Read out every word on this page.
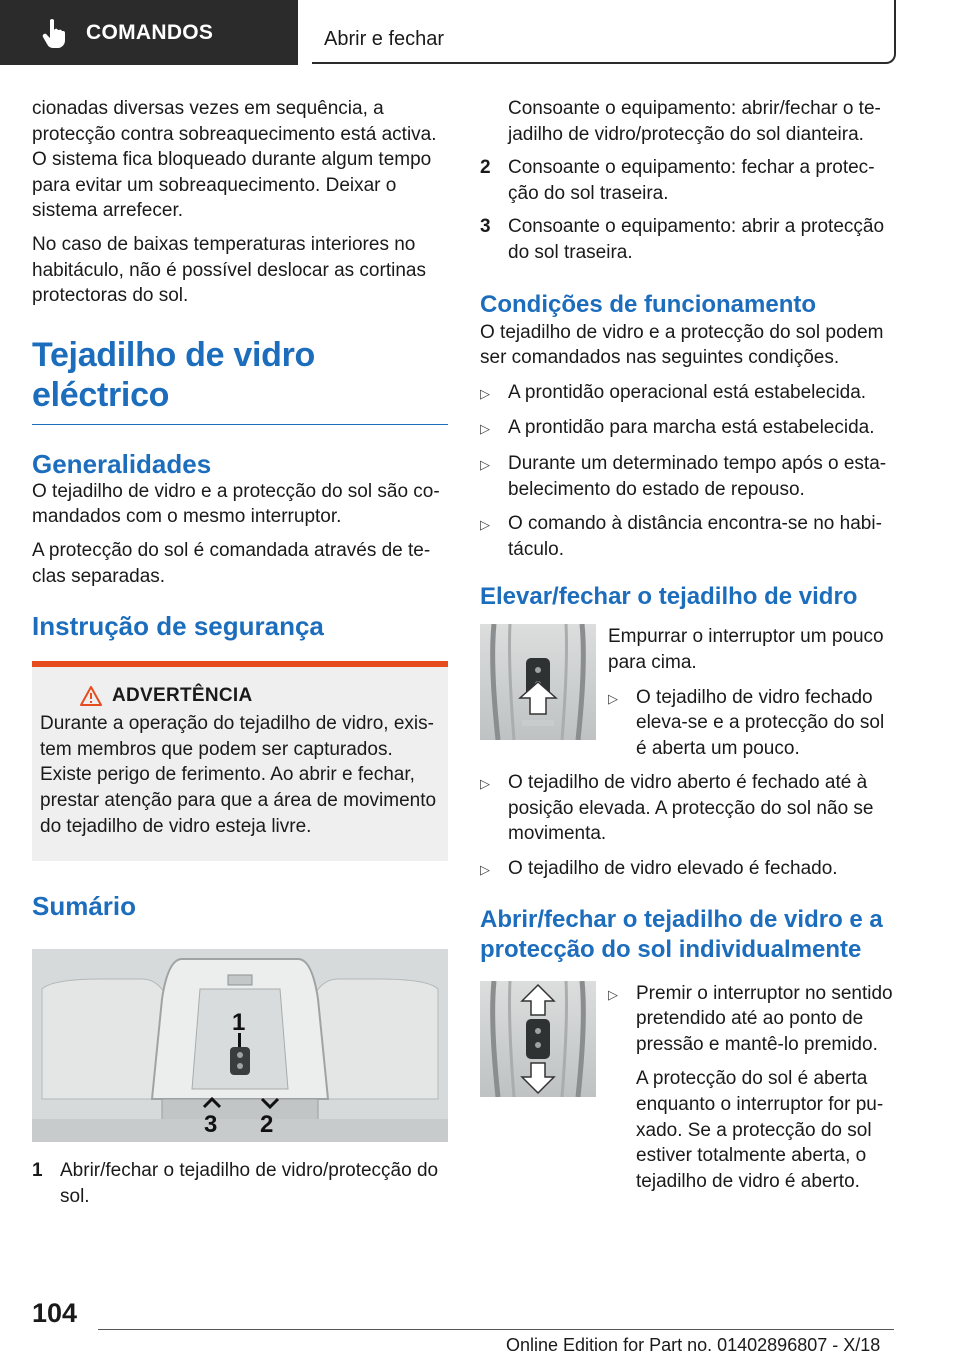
COMANDOS	Abrir e fechar

cionadas diversas vezes em sequência, a protecção contra sobreaquecimento está activa. O sistema fica bloqueado durante algum tempo para evitar um sobreaquecimento. Deixar o sistema arrefecer.

No caso de baixas temperaturas interiores no habitáculo, não é possível deslocar as cortinas protectoras do sol.

Tejadilho de vidro eléctrico
Generalidades

O tejadilho de vidro e a protecção do sol são comandados com o mesmo interruptor.

A protecção do sol é comandada através de teclas separadas.

Instrução de segurança
ADVERTÊNCIA

Durante a operação do tejadilho de vidro, existem membros que podem ser capturados. Existe perigo de ferimento. Ao abrir e fechar, prestar atenção para que a área de movimento do tejadilho de vidro esteja livre.

Sumário
1
3 2
1 Abrir/fechar o tejadilho de vidro/protecção do sol.
Consoante o equipamento: abrir/fechar o tejadilho de vidro/protecção do sol dianteira.
2 Consoante o equipamento: fechar a protecção do sol traseira.
3 Consoante o equipamento: abrir a protecção do sol traseira.
Condições de funcionamento

O tejadilho de vidro e a protecção do sol podem ser comandados nas seguintes condições.

▷ A prontidão operacional está estabelecida.
▷ A prontidão para marcha está estabelecida.
▷ Durante um determinado tempo após o estabelecimento do estado de repouso.
▷ O comando à distância encontra-se no habitáculo.
Elevar/fechar o tejadilho de vidro

Empurrar o interruptor um pouco para cima.

▷ O tejadilho de vidro fechado eleva-se e a protecção do sol é aberta um pouco.
▷ O tejadilho de vidro aberto é fechado até à posição elevada. A protecção do sol não se movimenta.
▷ O tejadilho de vidro elevado é fechado.
Abrir/fechar o tejadilho de vidro e a protecção do sol individualmente
▷ Premir o interruptor no sentido pretendido até ao ponto de pressão e mantê-lo premido.
A protecção do sol é aberta enquanto o interruptor for puxado. Se a protecção do sol estiver totalmente aberta, o tejadilho de vidro é aberto.
104
Online Edition for Part no. 01402896807 - X/18
